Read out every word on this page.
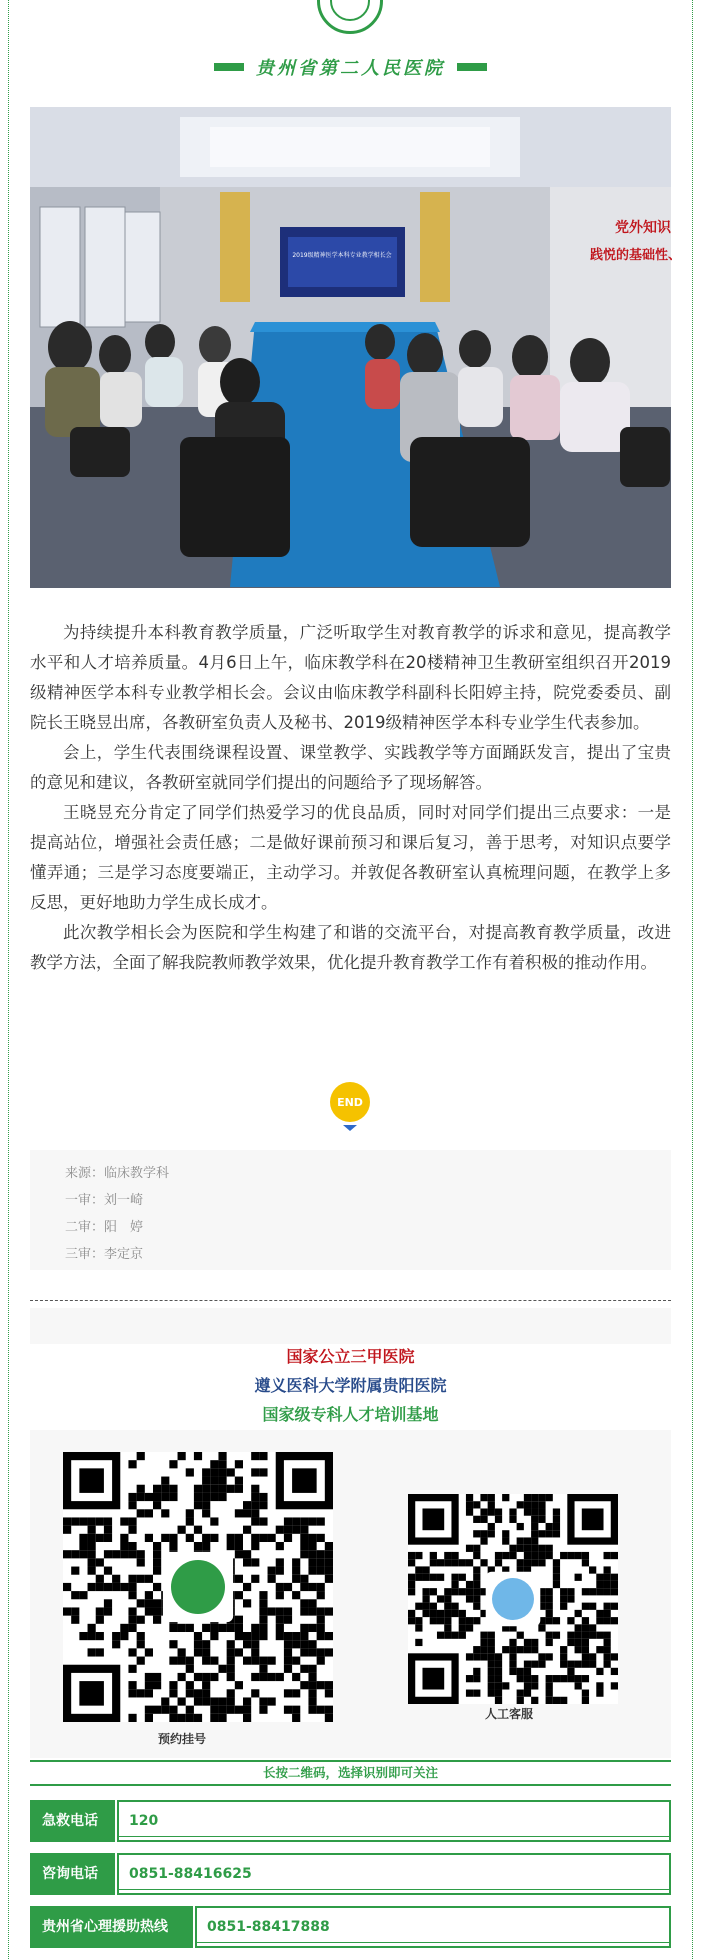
贵州省第二人民医院
2019级精神医学本科专业教学相长会
党外知识
践悦的基础性、

为持续提升本科教育教学质量，广泛听取学生对教育教学的诉求和意见，提高教学水平和人才培养质量。4月6日上午，临床教学科在20楼精神卫生教研室组织召开2019级精神医学本科专业教学相长会。会议由临床教学科副科长阳婷主持，院党委委员、副院长王晓昱出席，各教研室负责人及秘书、2019级精神医学本科专业学生代表参加。

会上，学生代表围绕课程设置、课堂教学、实践教学等方面踊跃发言，提出了宝贵的意见和建议，各教研室就同学们提出的问题给予了现场解答。

王晓昱充分肯定了同学们热爱学习的优良品质，同时对同学们提出三点要求：一是提高站位，增强社会责任感；二是做好课前预习和课后复习，善于思考，对知识点要学懂弄通；三是学习态度要端正，主动学习。并敦促各教研室认真梳理问题，在教学上多反思，更好地助力学生成长成才。

此次教学相长会为医院和学生构建了和谐的交流平台，对提高教育教学质量，改进教学方法，全面了解我院教师教学效果，优化提升教育教学工作有着积极的推动作用。

END
来源：临床教学科
一审：刘一崎
二审：阳　婷
三审：李定京
国家公立三甲医院
遵义医科大学附属贵阳医院
国家级专科人才培训基地
预约挂号
人工客服
长按二维码，选择识别即可关注
急救电话	120
咨询电话	0851-88416625
贵州省心理援助热线	0851-88417888
